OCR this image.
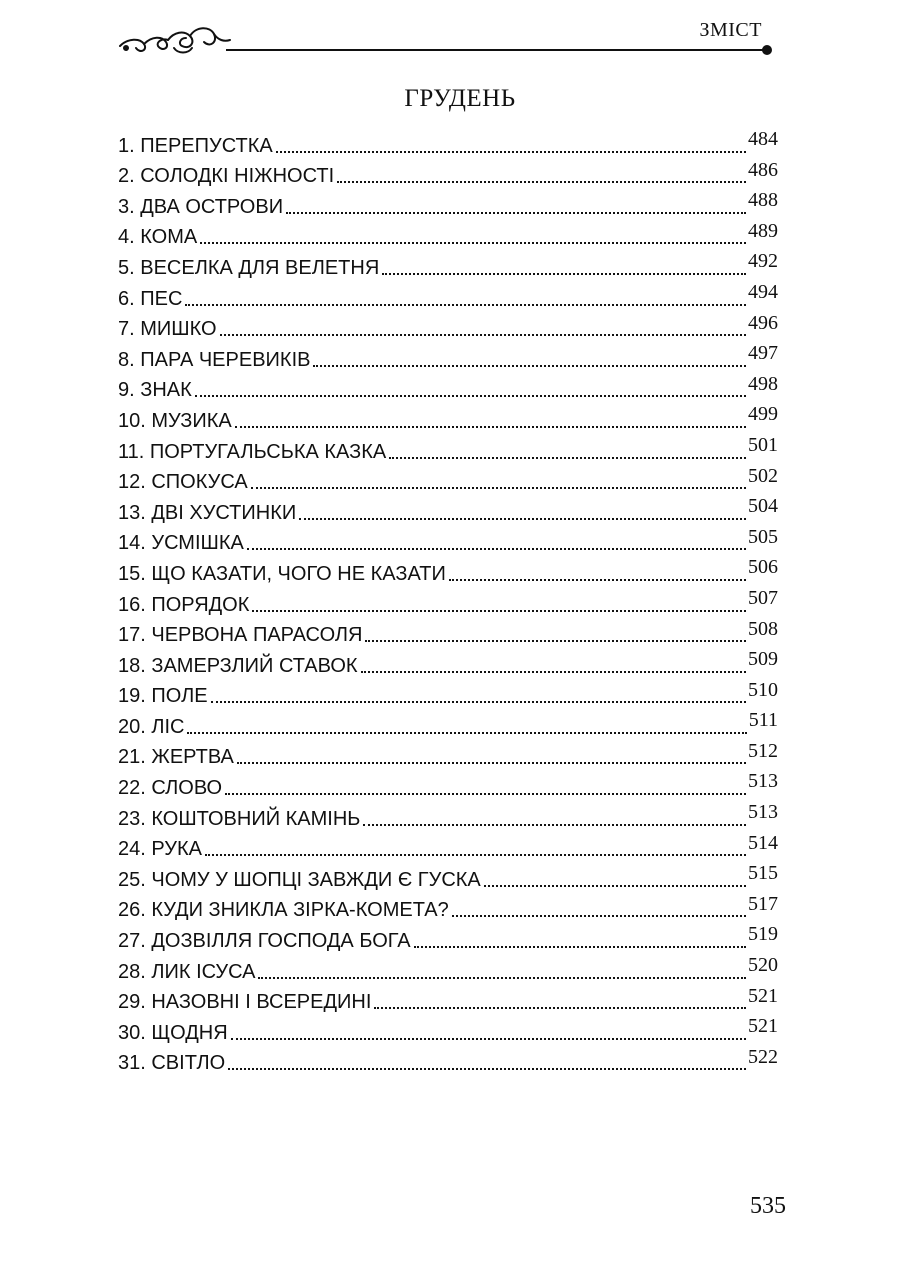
ЗМІСТ
ГРУДЕНЬ
1. ПЕРЕПУСТКА	484
2. СОЛОДКІ НІЖНОСТІ	486
3. ДВА ОСТРОВИ	488
4. КОМА	489
5. ВЕСЕЛКА ДЛЯ ВЕЛЕТНЯ	492
6. ПЕС	494
7. МИШКО	496
8. ПАРА ЧЕРЕВИКІВ	497
9. ЗНАК	498
10. МУЗИКА	499
11. ПОРТУГАЛЬСЬКА КАЗКА	501
12. СПОКУСА	502
13. ДВІ ХУСТИНКИ	504
14. УСМІШКА	505
15. ЩО КАЗАТИ, ЧОГО НЕ КАЗАТИ	506
16. ПОРЯДОК	507
17. ЧЕРВОНА ПАРАСОЛЯ	508
18. ЗАМЕРЗЛИЙ СТАВОК	509
19. ПОЛЕ	510
20. ЛІС	511
21. ЖЕРТВА	512
22. СЛОВО	513
23. КОШТОВНИЙ КАМІНЬ	513
24. РУКА	514
25. ЧОМУ У ШОПЦІ ЗАВЖДИ Є ГУСКА	515
26. КУДИ ЗНИКЛА ЗІРКА-КОМЕТА?	517
27. ДОЗВІЛЛЯ ГОСПОДА БОГА	519
28. ЛИК ІСУСА	520
29. НАЗОВНІ І ВСЕРЕДИНІ	521
30. ЩОДНЯ	521
31. СВІТЛО	522
535
